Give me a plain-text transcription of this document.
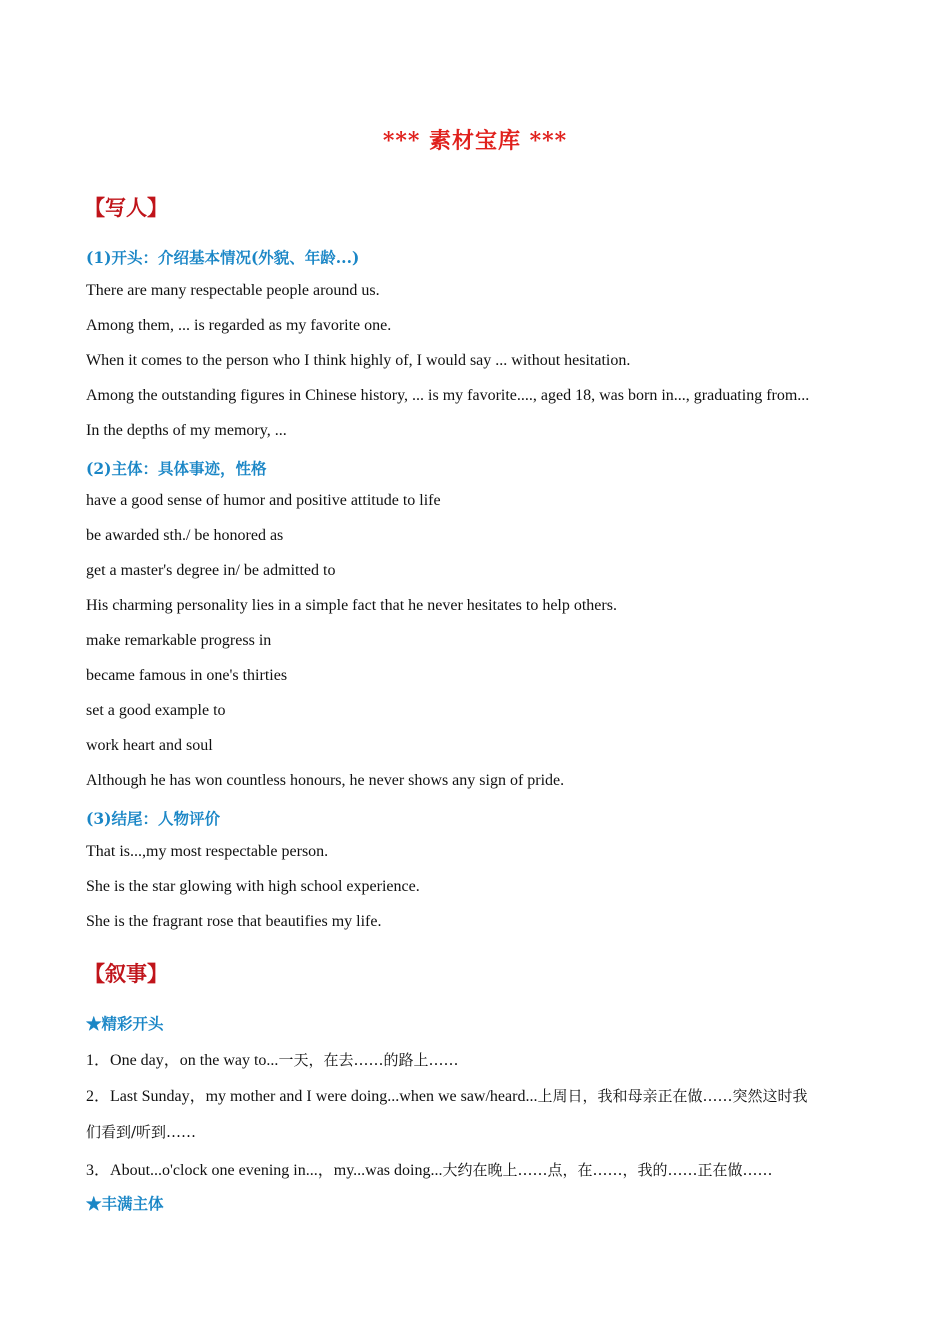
*** 素材宝库 ***
【写人】
(1)开头：介绍基本情况(外貌、年龄...)
There are many respectable people around us.
Among them, ... is regarded as my favorite one.
When it comes to the person who I think highly of, I would say ... without hesitation.
Among the outstanding figures in Chinese history, ... is my favorite...., aged 18, was born in..., graduating from...
In the depths of my memory, ...
(2)主体：具体事迹，性格
have a good sense of humor and positive attitude to life
be awarded sth./ be honored as
get a master's degree in/ be admitted to
His charming personality lies in a simple fact that he never hesitates to help others.
make remarkable progress in
became famous in one's thirties
set a good example to
work heart and soul
Although he has won countless honours, he never shows any sign of pride.
(3)结尾：人物评价
That is...,my most respectable person.
She is the star glowing with high school experience.
She is the fragrant rose that beautifies my life.
【叙事】
★精彩开头
1．One day，on the way to...一天，在去……的路上……
2．Last Sunday，my mother and I were doing...when we saw/heard...上周日，我和母亲正在做……突然这时我
们看到/听到……
3．About...o'clock one evening in...，my...was doing...大约在晚上……点，在……，我的……正在做……
★丰满主体
